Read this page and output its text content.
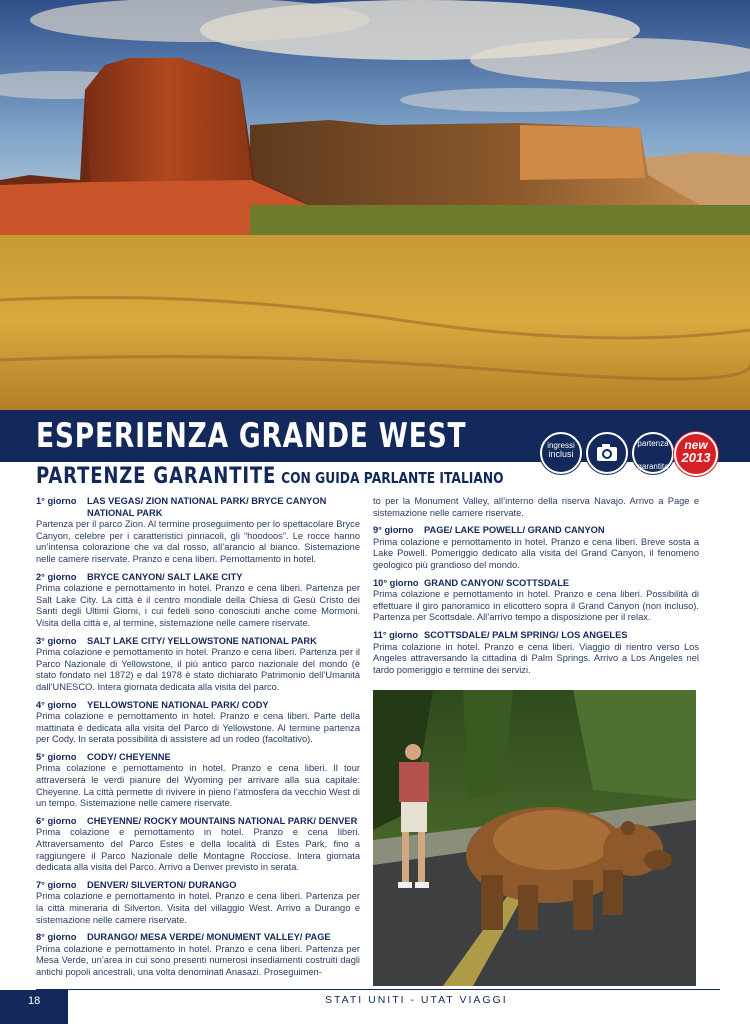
ESPERIENZA GRANDE WEST
PARTENZE GARANTITE CON GUIDA PARLANTE ITALIANO
ingressi
inclusi
partenza
garantita
new
2013
1° giorno	LAS VEGAS/ ZION NATIONAL PARK/ BRYCE CANYON NATIONAL PARK
Partenza per il parco Zion. Al termine proseguimento per lo spettacolare Bryce Canyon, celebre per i caratteristici pinnacoli, gli “hoodoos”. Le rocce hanno un’intensa colorazione che va dal rosso, all’arancio al bianco. Sistemazione nelle camere riservate. Pranzo e cena liberi. Pernottamento in hotel.
2° giorno	BRYCE CANYON/ SALT LAKE CITY
Prima colazione e pernottamento in hotel. Pranzo e cena liberi. Partenza per Salt Lake City. La città è il centro mondiale della Chiesa di Gesù Cristo dei Santi degli Ultimi Giorni, i cui fedeli sono conosciuti anche come Mormoni. Visita della città e, al termine, sistemazione nelle camere riservate.
3° giorno	SALT LAKE CITY/ YELLOWSTONE NATIONAL PARK
Prima colazione e pernottamento in hotel. Pranzo e cena liberi. Partenza per il Parco Nazionale di Yellowstone, il più antico parco nazionale del mondo (è stato fondato nel 1872) e dal 1978 è stato dichiarato Patrimonio dell’Umanità dall’UNESCO. Intera giornata dedicata alla visita del parco.
4° giorno	YELLOWSTONE NATIONAL PARK/ CODY
Prima colazione e pernottamento in hotel. Pranzo e cena liberi. Parte della mattinata è dedicata alla visita del Parco di Yellowstone. Al termine partenza per Cody. In serata possibilità di assistere ad un rodeo (facoltativo).
5° giorno	CODY/ CHEYENNE
Prima colazione e pernottamento in hotel. Pranzo e cena liberi. Il tour attraverserà le verdi pianure del Wyoming per arrivare alla sua capitale: Cheyenne. La città permette di rivivere in pieno l’atmosfera da vecchio West di un tempo. Sistemazione nelle camere riservate.
6° giorno	CHEYENNE/ ROCKY MOUNTAINS NATIONAL PARK/ DENVER
Prima colazione e pernottamento in hotel. Pranzo e cena liberi. Attraversamento del Parco Estes e della località di Estes Park, fino a raggiungere il Parco Nazionale delle Montagne Rocciose. Intera giornata dedicata alla visita del Parco. Arrivo a Denver previsto in serata.
7° giorno	DENVER/ SILVERTON/ DURANGO
Prima colazione e pernottamento in hotel. Pranzo e cena liberi. Partenza per la città mineraria di Silverton. Visita del villaggio West. Arrivo a Durango e sistemazione nelle camere riservate.
8° giorno	DURANGO/ MESA VERDE/ MONUMENT VALLEY/ PAGE
Prima colazione e pernottamento in hotel. Pranzo e cena liberi. Partenza per Mesa Verde, un’area in cui sono presenti numerosi insediamenti costruiti dagli antichi popoli ancestrali, una volta denominati Anasazi. Proseguimen-
to per la Monument Valley, all’interno della riserva Navajo. Arrivo a Page e sistemazione nelle camere riservate.
9° giorno	PAGE/ LAKE POWELL/ GRAND CANYON
Prima colazione e pernottamento in hotel. Pranzo e cena liberi. Breve sosta a Lake Powell. Pomeriggio dedicato alla visita del Grand Canyon, il fenomeno geologico più grandioso del mondo.
10° giorno GRAND CANYON/ SCOTTSDALE
Prima colazione e pernottamento in hotel. Pranzo e cena liberi. Possibilità di effettuare il giro panoramico in elicottero sopra il Grand Canyon (non incluso). Partenza per Scottsdale. All’arrivo tempo a disposizione per il relax.
11° giorno SCOTTSDALE/ PALM SPRING/ LOS ANGELES
Prima colazione in hotel. Pranzo e cena liberi. Viaggio di rientro verso Los Angeles attraversando la cittadina di Palm Springs. Arrivo a Los Angeles nel tardo pomeriggio e termine dei servizi.
18	STATI UNITI - UTAT VIAGGI
